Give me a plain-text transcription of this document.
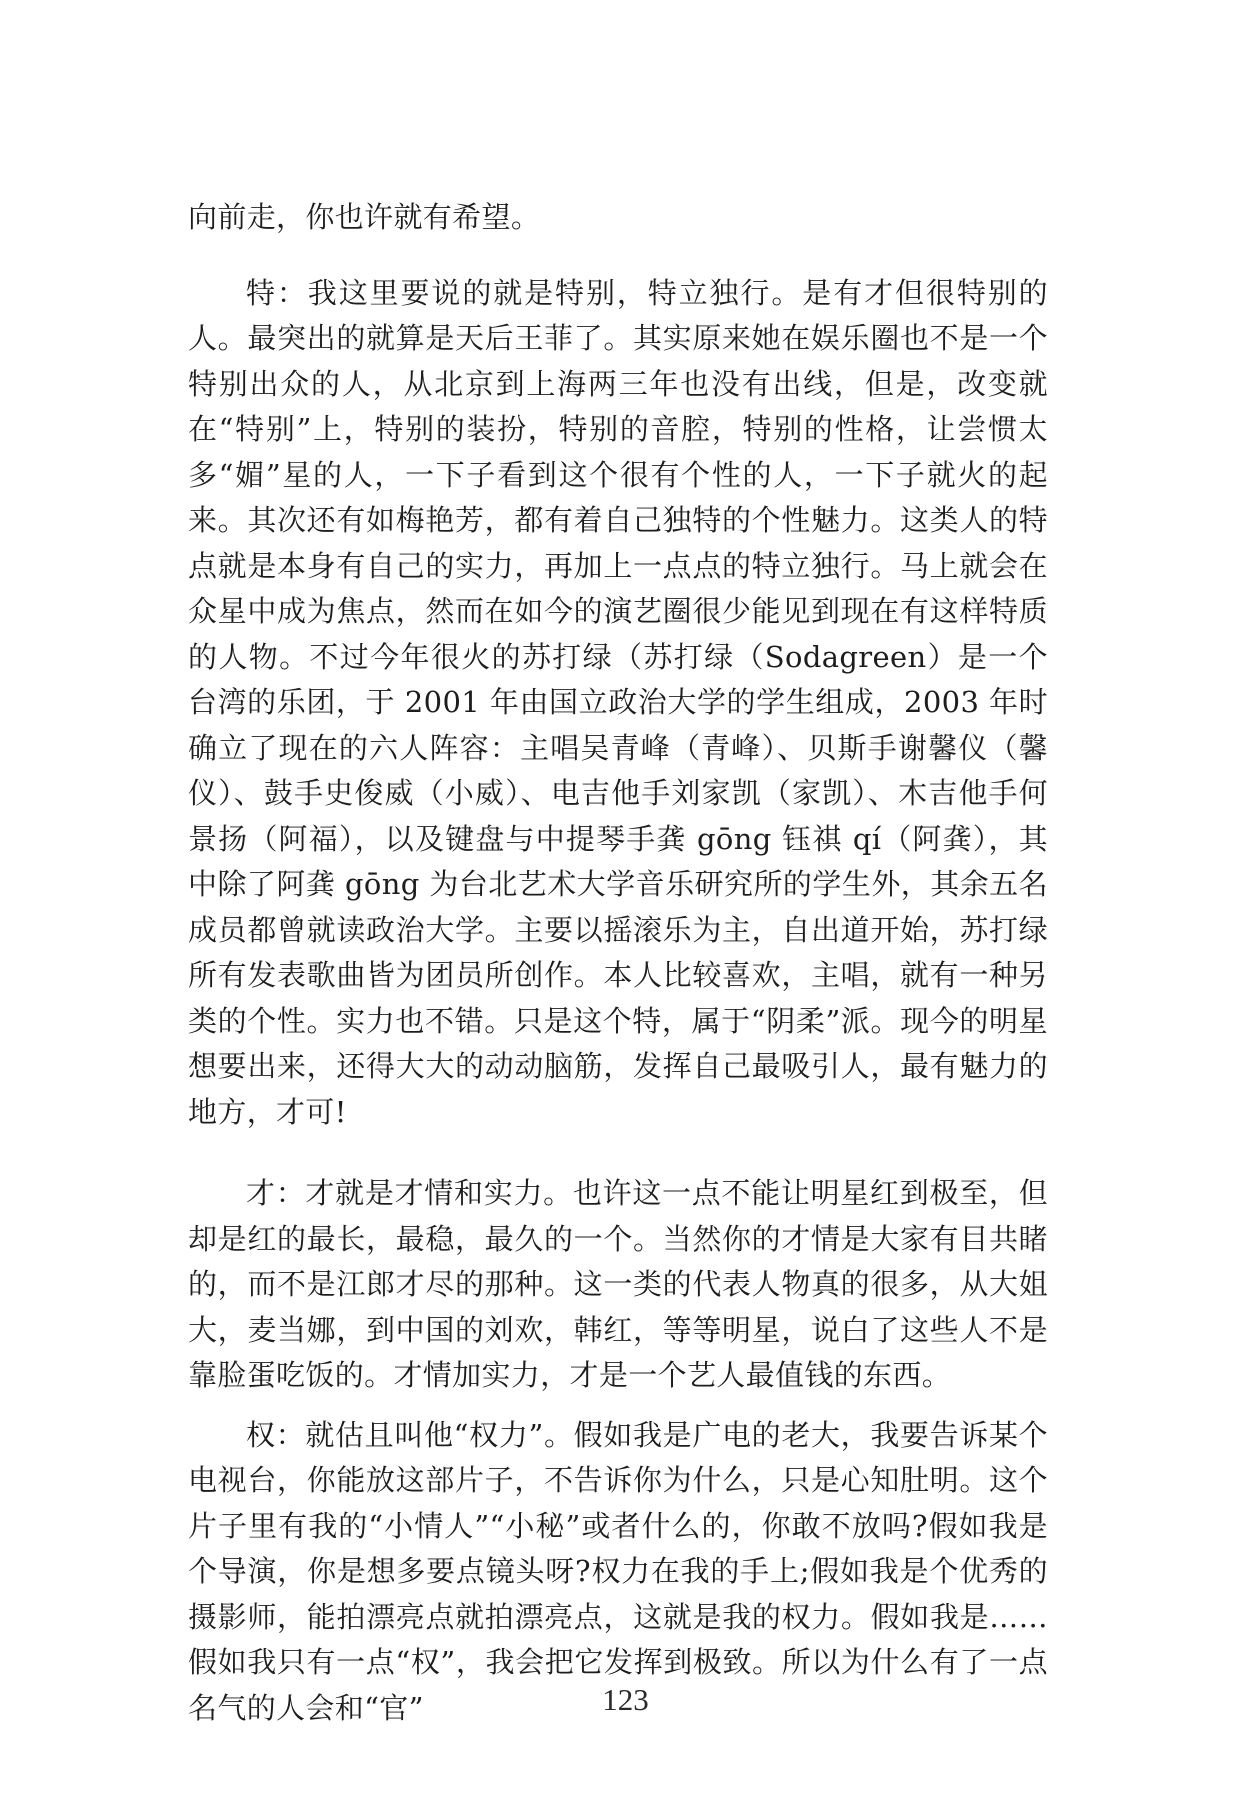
向前走，你也许就有希望。

特：我这里要说的就是特别，特立独行。是有才但很特别的人。最突出的就算是天后王菲了。其实原来她在娱乐圈也不是一个特别出众的人，从北京到上海两三年也没有出线，但是，改变就在“特别”上，特别的装扮，特别的音腔，特别的性格，让尝惯太多“媚”星的人，一下子看到这个很有个性的人，一下子就火的起来。其次还有如梅艳芳，都有着自己独特的个性魅力。这类人的特点就是本身有自己的实力，再加上一点点的特立独行。马上就会在众星中成为焦点，然而在如今的演艺圈很少能见到现在有这样特质的人物。不过今年很火的苏打绿（苏打绿（Sodagreen）是一个台湾的乐团，于 2001 年由国立政治大学的学生组成，2003 年时确立了现在的六人阵容：主唱吴青峰（青峰）、贝斯手谢馨仪（馨仪）、鼓手史俊威（小威）、电吉他手刘家凯（家凯）、木吉他手何景扬（阿福），以及键盘与中提琴手龚 gōng 钰祺 qí（阿龚），其中除了阿龚 gōng 为台北艺术大学音乐研究所的学生外，其余五名成员都曾就读政治大学。主要以摇滚乐为主，自出道开始，苏打绿所有发表歌曲皆为团员所创作。本人比较喜欢，主唱，就有一种另类的个性。实力也不错。只是这个特，属于“阴柔”派。现今的明星想要出来，还得大大的动动脑筋，发挥自己最吸引人，最有魅力的地方，才可!

才：才就是才情和实力。也许这一点不能让明星红到极至，但却是红的最长，最稳，最久的一个。当然你的才情是大家有目共睹的，而不是江郎才尽的那种。这一类的代表人物真的很多，从大姐大，麦当娜，到中国的刘欢，韩红，等等明星，说白了这些人不是靠脸蛋吃饭的。才情加实力，才是一个艺人最值钱的东西。

权：就估且叫他“权力”。假如我是广电的老大，我要告诉某个电视台，你能放这部片子，不告诉你为什么，只是心知肚明。这个片子里有我的“小情人”“小秘”或者什么的，你敢不放吗?假如我是个导演，你是想多要点镜头呀?权力在我的手上;假如我是个优秀的摄影师，能拍漂亮点就拍漂亮点，这就是我的权力。假如我是……假如我只有一点“权”，我会把它发挥到极致。所以为什么有了一点名气的人会和“官”	123
